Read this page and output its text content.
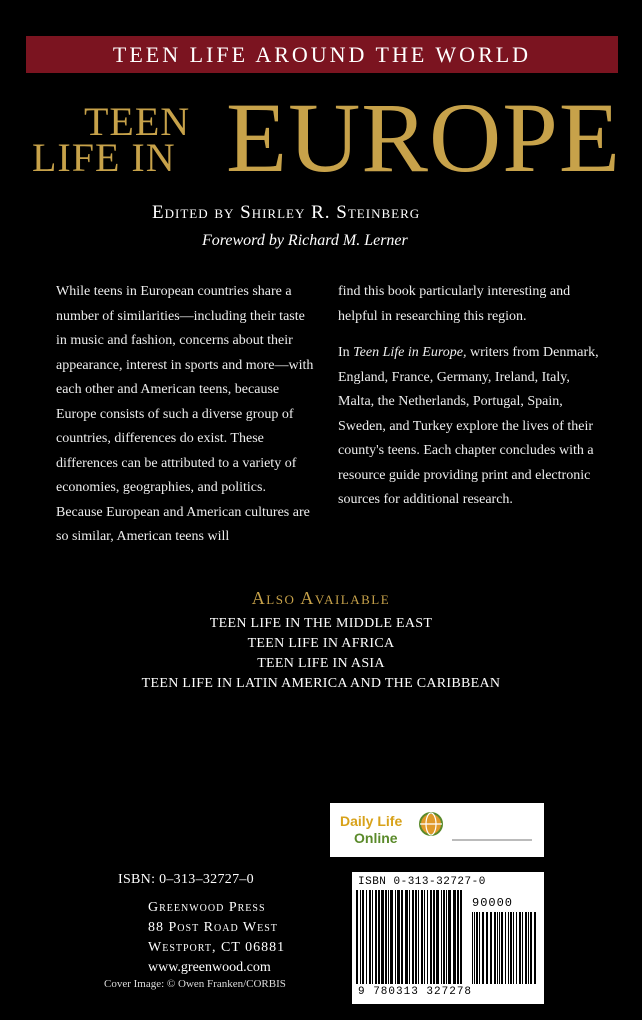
TEEN LIFE AROUND THE WORLD
TEEN
LIFE IN EUROPE
Edited by Shirley R. Steinberg
Foreword by Richard M. Lerner

While teens in European countries share a number of similarities—including their taste in music and fashion, concerns about their appearance, interest in sports and more—with each other and American teens, because Europe consists of such a diverse group of countries, differences do exist. These differences can be attributed to a variety of economies, geographies, and politics. Because European and American cultures are so similar, American teens will

find this book particularly interesting and helpful in researching this region.

In Teen Life in Europe, writers from Denmark, England, France, Germany, Ireland, Italy, Malta, the Netherlands, Portugal, Spain, Sweden, and Turkey explore the lives of their county's teens. Each chapter concludes with a resource guide providing print and electronic sources for additional research.

Also Available
TEEN LIFE IN THE MIDDLE EAST
TEEN LIFE IN AFRICA
TEEN LIFE IN ASIA
TEEN LIFE IN LATIN AMERICA AND THE CARIBBEAN
Daily Life
Online
ISBN: 0–313–32727–0
Greenwood Press
88 Post Road West
Westport, CT 06881
www.greenwood.com
Cover Image: © Owen Franken/CORBIS
ISBN 0-313-32727-0
90000
9 780313 327278
